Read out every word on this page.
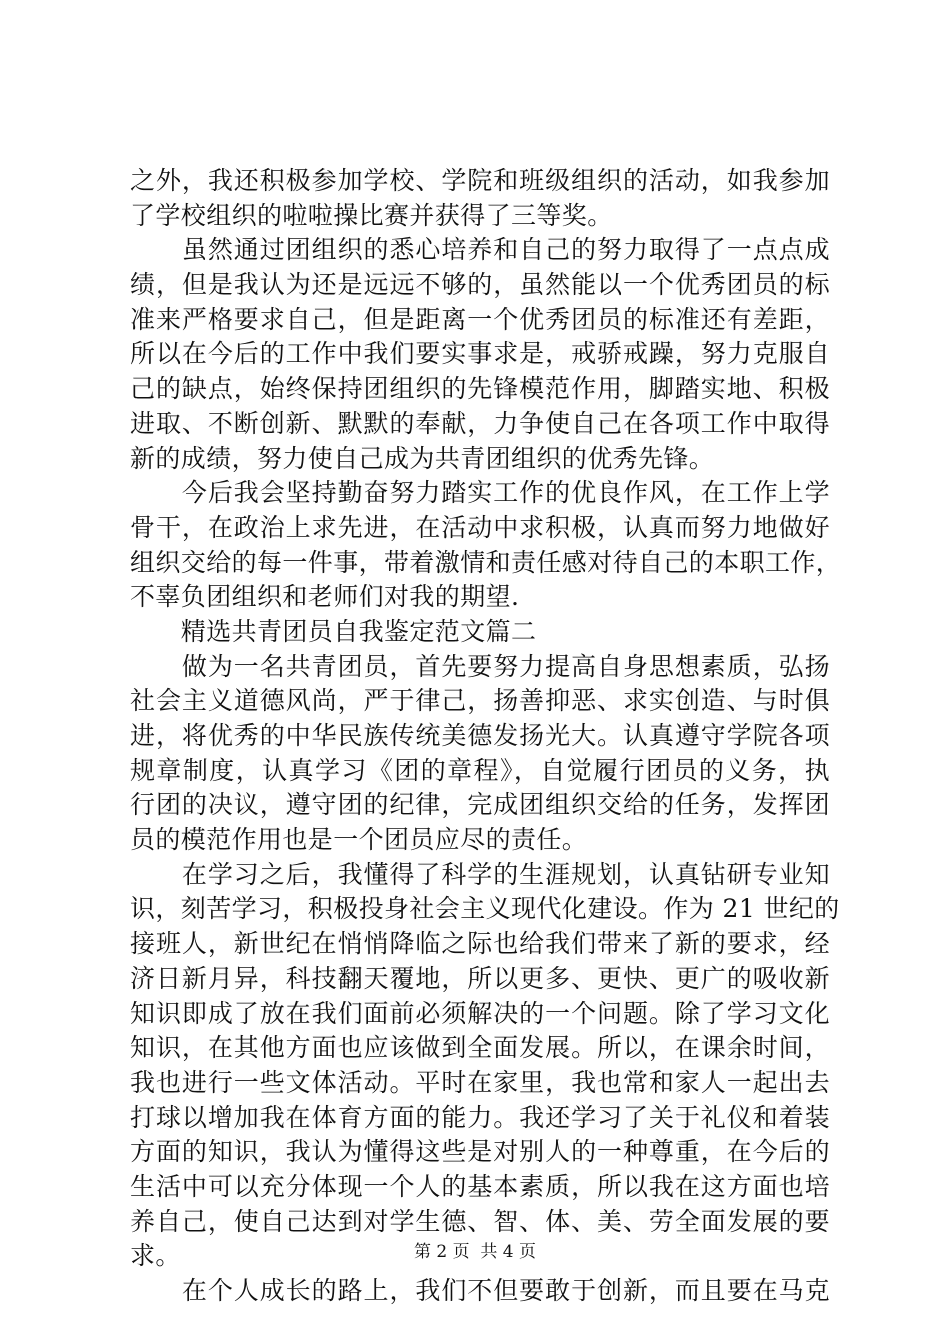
之外，我还积极参加学校、学院和班级组织的活动，如我参加
了学校组织的啦啦操比赛并获得了三等奖。
　　虽然通过团组织的悉心培养和自己的努力取得了一点点成
绩，但是我认为还是远远不够的，虽然能以一个优秀团员的标
准来严格要求自己，但是距离一个优秀团员的标准还有差距，
所以在今后的工作中我们要实事求是，戒骄戒躁，努力克服自
己的缺点，始终保持团组织的先锋模范作用，脚踏实地、积极
进取、不断创新、默默的奉献，力争使自己在各项工作中取得
新的成绩，努力使自己成为共青团组织的优秀先锋。
　　今后我会坚持勤奋努力踏实工作的优良作风，在工作上学
骨干，在政治上求先进，在活动中求积极，认真而努力地做好
组织交给的每一件事，带着激情和责任感对待自己的本职工作，
不辜负团组织和老师们对我的期望.
　　精选共青团员自我鉴定范文篇二
　　做为一名共青团员，首先要努力提高自身思想素质，弘扬
社会主义道德风尚，严于律己，扬善抑恶、求实创造、与时俱
进，将优秀的中华民族传统美德发扬光大。认真遵守学院各项
规章制度，认真学习《团的章程》，自觉履行团员的义务，执
行团的决议，遵守团的纪律，完成团组织交给的任务，发挥团
员的模范作用也是一个团员应尽的责任。
　　在学习之后，我懂得了科学的生涯规划，认真钻研专业知
识，刻苦学习，积极投身社会主义现代化建设。作为 21 世纪的
接班人，新世纪在悄悄降临之际也给我们带来了新的要求，经
济日新月异，科技翻天覆地，所以更多、更快、更广的吸收新
知识即成了放在我们面前必须解决的一个问题。除了学习文化
知识，在其他方面也应该做到全面发展。所以，在课余时间，
我也进行一些文体活动。平时在家里，我也常和家人一起出去
打球以增加我在体育方面的能力。我还学习了关于礼仪和着装
方面的知识，我认为懂得这些是对别人的一种尊重，在今后的
生活中可以充分体现一个人的基本素质，所以我在这方面也培
养自己，使自己达到对学生德、智、体、美、劳全面发展的要
求。
　　在个人成长的路上，我们不但要敢于创新，而且要在马克
第 2 页  共 4 页
